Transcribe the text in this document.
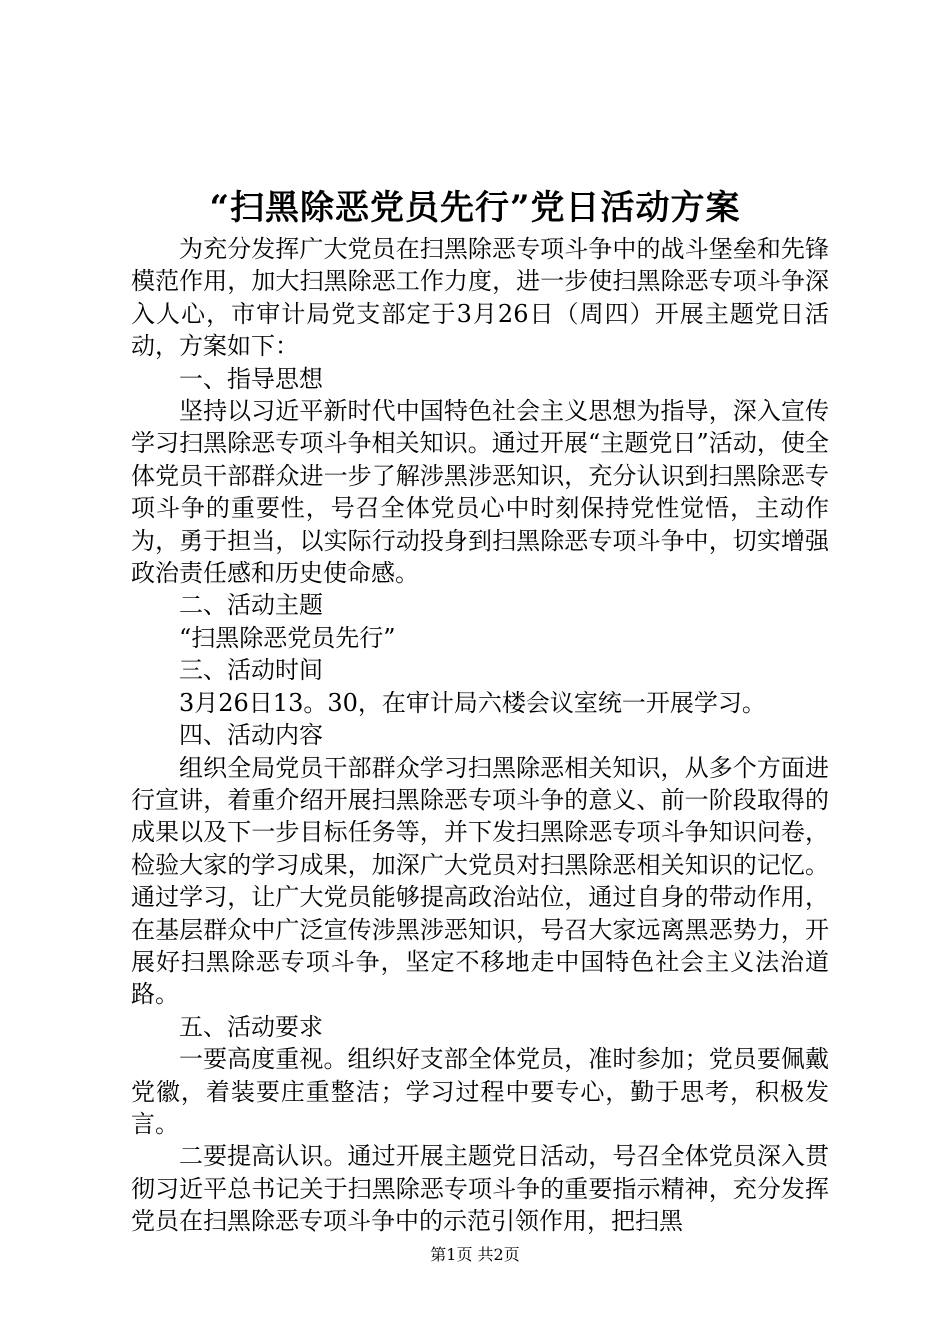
“扫黑除恶党员先行”党日活动方案

为充分发挥广大党员在扫黑除恶专项斗争中的战斗堡垒和先锋模范作用，加大扫黑除恶工作力度，进一步使扫黑除恶专项斗争深入人心，市审计局党支部定于3月26日（周四）开展主题党日活动，方案如下：

一、指导思想

坚持以习近平新时代中国特色社会主义思想为指导，深入宣传学习扫黑除恶专项斗争相关知识。通过开展“主题党日”活动，使全体党员干部群众进一步了解涉黑涉恶知识，充分认识到扫黑除恶专项斗争的重要性，号召全体党员心中时刻保持党性觉悟，主动作为，勇于担当，以实际行动投身到扫黑除恶专项斗争中，切实增强政治责任感和历史使命感。

二、活动主题

“扫黑除恶党员先行”

三、活动时间

3月26日13。30，在审计局六楼会议室统一开展学习。

四、活动内容

组织全局党员干部群众学习扫黑除恶相关知识，从多个方面进行宣讲，着重介绍开展扫黑除恶专项斗争的意义、前一阶段取得的成果以及下一步目标任务等，并下发扫黑除恶专项斗争知识问卷，检验大家的学习成果，加深广大党员对扫黑除恶相关知识的记忆。通过学习，让广大党员能够提高政治站位，通过自身的带动作用，在基层群众中广泛宣传涉黑涉恶知识，号召大家远离黑恶势力，开展好扫黑除恶专项斗争，坚定不移地走中国特色社会主义法治道路。

五、活动要求

一要高度重视。组织好支部全体党员，准时参加；党员要佩戴党徽，着装要庄重整洁；学习过程中要专心，勤于思考，积极发言。

二要提高认识。通过开展主题党日活动，号召全体党员深入贯彻习近平总书记关于扫黑除恶专项斗争的重要指示精神，充分发挥党员在扫黑除恶专项斗争中的示范引领作用，把扫黑

第1页 共2页
